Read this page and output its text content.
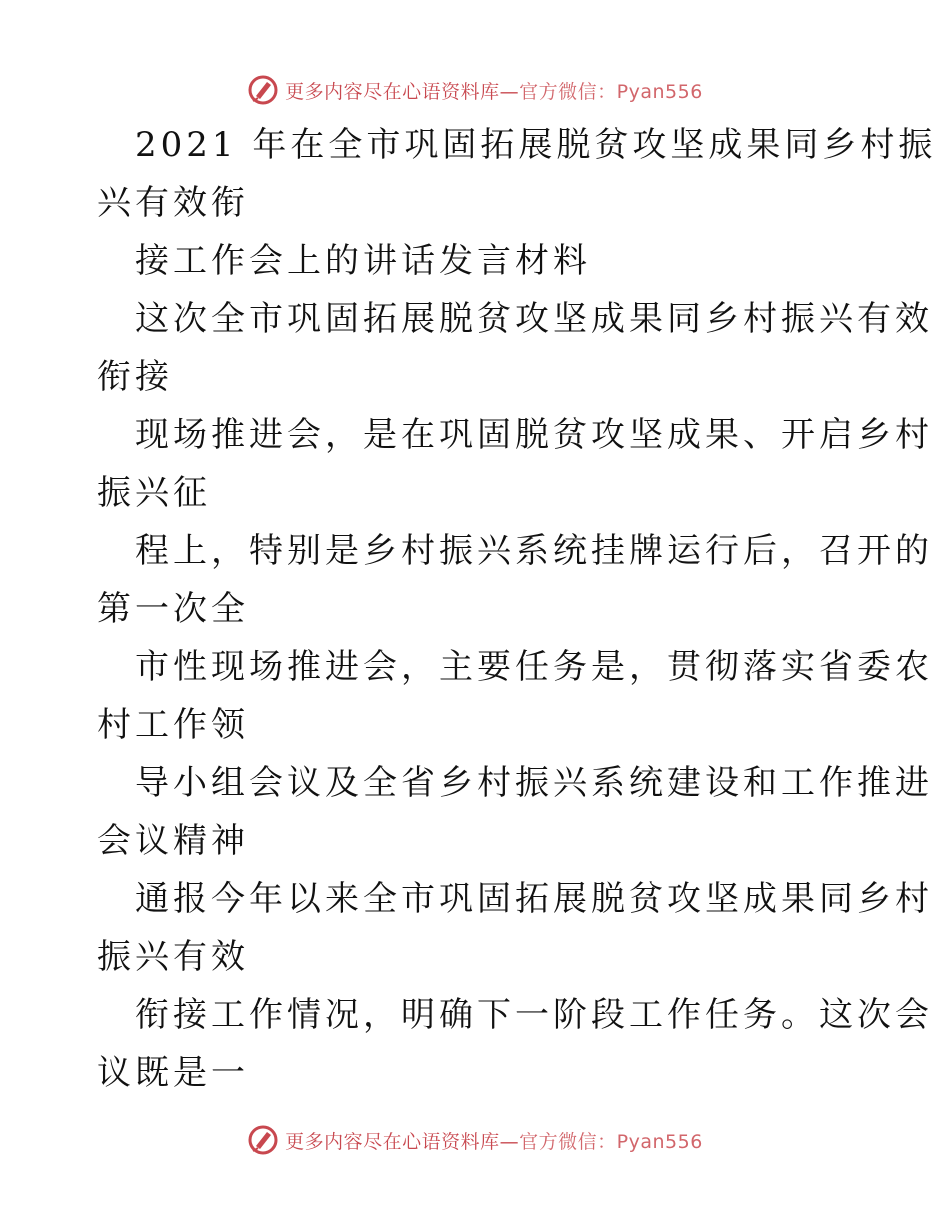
更多内容尽在心语资料库—官方微信：Pyan556

2021 年在全市巩固拓展脱贫攻坚成果同乡村振

兴有效衔

接工作会上的讲话发言材料

这次全市巩固拓展脱贫攻坚成果同乡村振兴有效

衔接

现场推进会，是在巩固脱贫攻坚成果、开启乡村

振兴征

程上，特别是乡村振兴系统挂牌运行后，召开的

第一次全

市性现场推进会，主要任务是，贯彻落实省委农

村工作领

导小组会议及全省乡村振兴系统建设和工作推进

会议精神

通报今年以来全市巩固拓展脱贫攻坚成果同乡村

振兴有效

衔接工作情况，明确下一阶段工作任务。这次会

议既是一

更多内容尽在心语资料库—官方微信：Pyan556
